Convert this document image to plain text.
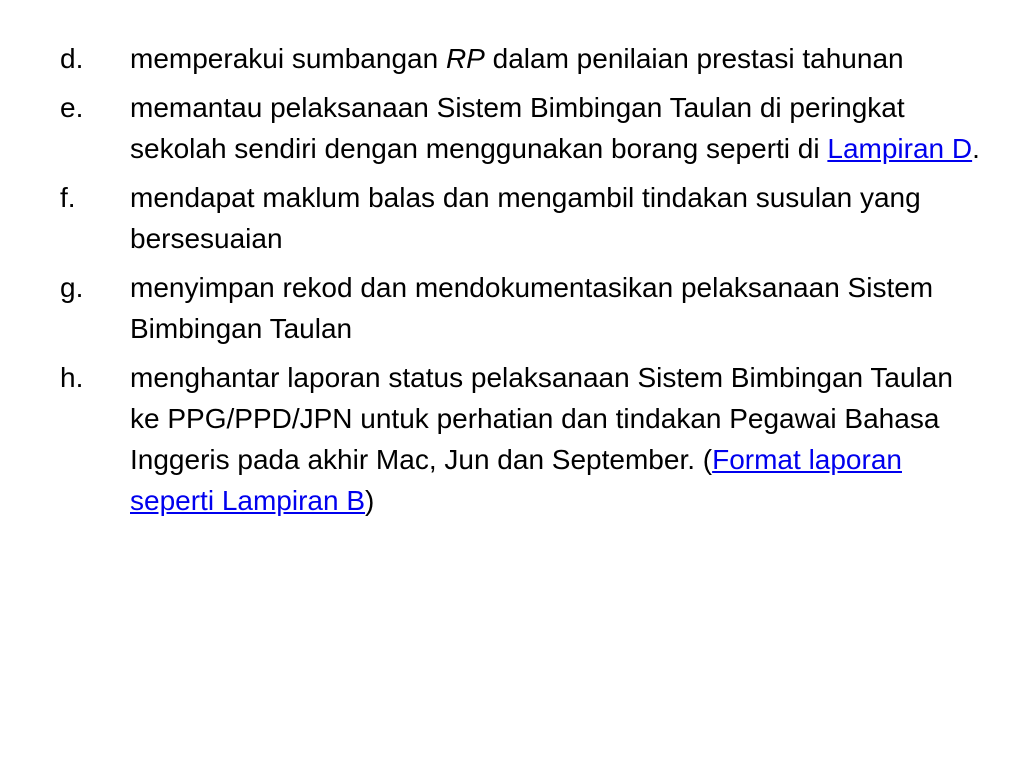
d.	memperakui sumbangan RP dalam penilaian prestasi tahunan
e.	memantau pelaksanaan Sistem Bimbingan Taulan di peringkat sekolah sendiri dengan menggunakan borang seperti di Lampiran D.
f.	mendapat maklum balas dan mengambil tindakan susulan yang bersesuaian
g.	menyimpan rekod dan mendokumentasikan pelaksanaan Sistem Bimbingan Taulan
h.	menghantar laporan status pelaksanaan Sistem Bimbingan Taulan ke PPG/PPD/JPN untuk perhatian dan tindakan Pegawai Bahasa Inggeris pada akhir Mac, Jun dan September. (Format laporan seperti Lampiran B)
